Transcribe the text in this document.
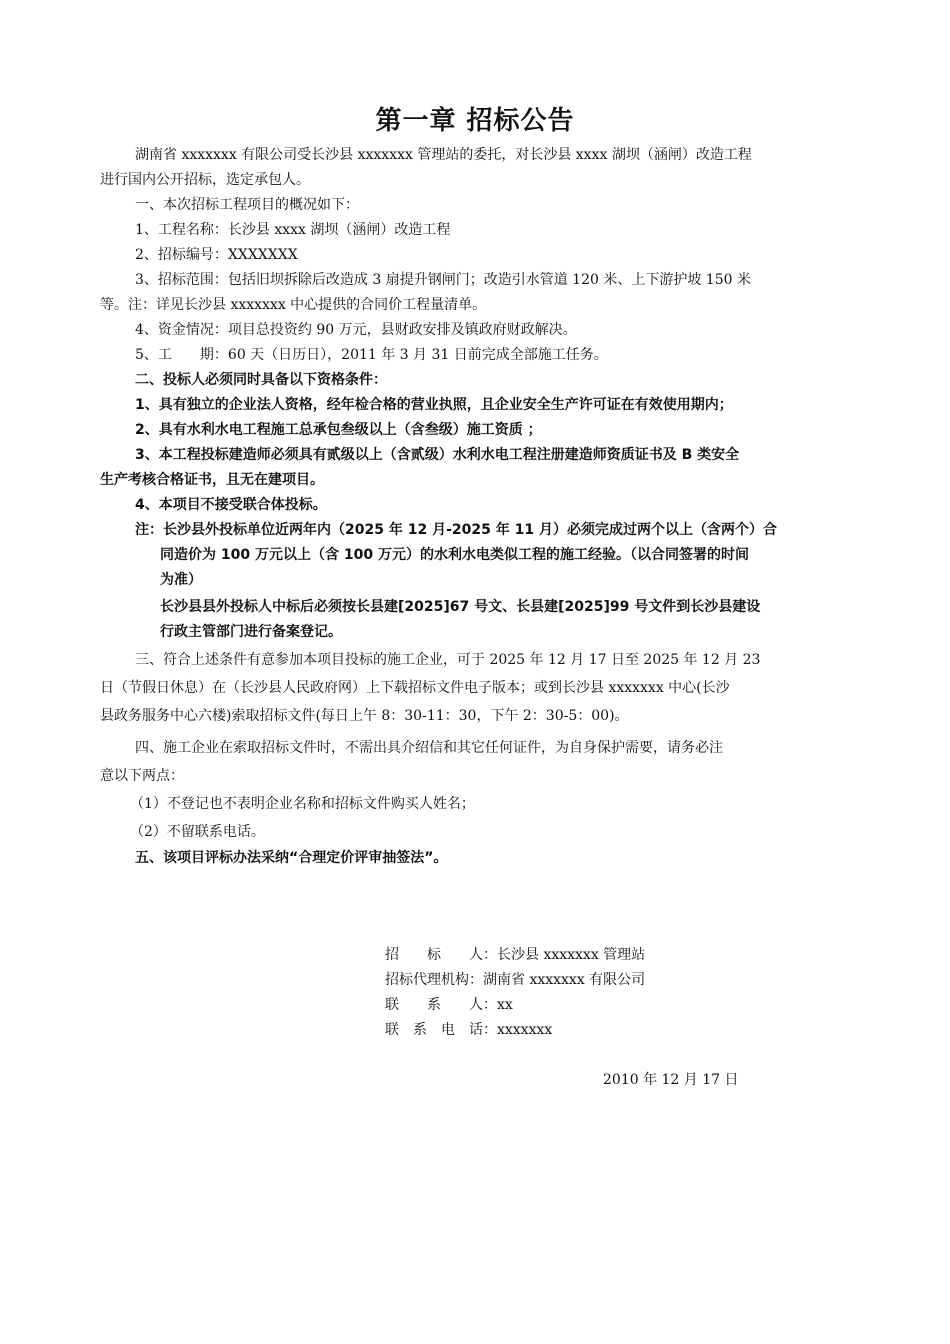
第一章 招标公告
湖南省 xxxxxxx 有限公司受长沙县 xxxxxxx 管理站的委托，对长沙县 xxxx 湖坝（涵闸）改造工程
进行国内公开招标，选定承包人。
一、本次招标工程项目的概况如下：
1、工程名称：长沙县 xxxx 湖坝（涵闸）改造工程
2、招标编号：XXXXXXX
3、招标范围：包括旧坝拆除后改造成 3 扇提升钢闸门；改造引水管道 120 米、上下游护坡 150 米
等。注：详见长沙县 xxxxxxx 中心提供的合同价工程量清单。
4、资金情况：项目总投资约 90 万元，县财政安排及镇政府财政解决。
5、工　　期：60 天（日历日），2011 年 3 月 31 日前完成全部施工任务。
二、投标人必须同时具备以下资格条件：
1、具有独立的企业法人资格，经年检合格的营业执照，且企业安全生产许可证在有效使用期内；
2、具有水利水电工程施工总承包叁级以上（含叁级）施工资质 ；
3、本工程投标建造师必须具有贰级以上（含贰级）水利水电工程注册建造师资质证书及 B 类安全
生产考核合格证书，且无在建项目。
4、本项目不接受联合体投标。
注：长沙县外投标单位近两年内（2025 年 12 月-2025 年 11 月）必须完成过两个以上（含两个）合
同造价为 100 万元以上（含 100 万元）的水利水电类似工程的施工经验。（以合同签署的时间
为准）
长沙县县外投标人中标后必须按长县建[2025]67 号文、长县建[2025]99 号文件到长沙县建设
行政主管部门进行备案登记。
三、符合上述条件有意参加本项目投标的施工企业，可于 2025 年 12 月 17 日至 2025 年 12 月 23
日（节假日休息）在（长沙县人民政府网）上下载招标文件电子版本；或到长沙县 xxxxxxx 中心(长沙
县政务服务中心六楼)索取招标文件(每日上午 8：30-11：30，下午 2：30-5：00)。
四、施工企业在索取招标文件时，不需出具介绍信和其它任何证件，为自身保护需要，请务必注
意以下两点：
（1）不登记也不表明企业名称和招标文件购买人姓名；
（2）不留联系电话。
五、该项目评标办法采纳“合理定价评审抽签法”。
招　　标　　人：长沙县 xxxxxxx 管理站
招标代理机构：湖南省 xxxxxxx 有限公司
联　　系　　人：xx
联　系　电　话：xxxxxxx
2010 年 12 月 17 日
